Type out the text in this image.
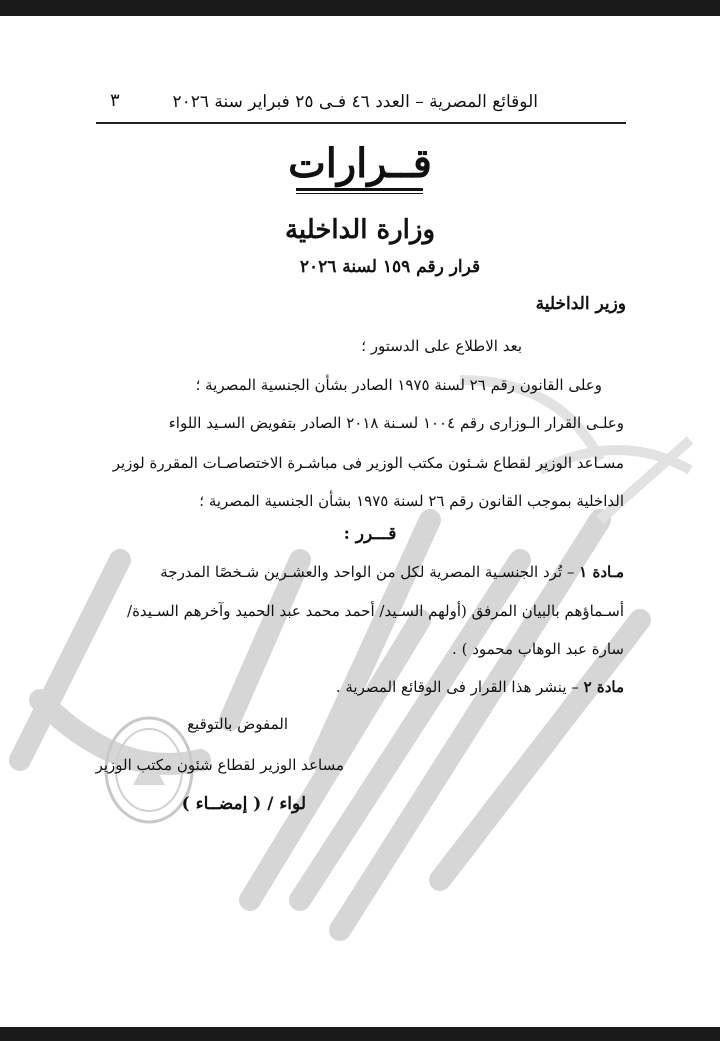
الوقائع المصرية – العدد ٤٦ فـى ٢٥ فبراير سنة ٢٠٢٦
٣
قــرارات
وزارة الداخلية
قرار رقم ١٥٩ لسنة ٢٠٢٦
وزير الداخلية
بعد الاطلاع على الدستور ؛
وعلى القانون رقم ٢٦ لسنة ١٩٧٥ الصادر بشأن الجنسية المصرية ؛
وعلـى القرار الـوزارى رقم ١٠٠٤ لسـنة ٢٠١٨ الصادر بتفويض السـيد اللواء
مسـاعد الوزير لقطاع شـئون مكتب الوزير فى مباشـرة الاختصاصـات المقررة لوزير
الداخلية بموجب القانون رقم ٢٦ لسنة ١٩٧٥ بشأن الجنسية المصرية ؛
قـــرر :
مـادة ١ – تُرد الجنسـية المصرية لكل من الواحد والعشـرين شـخصًا المدرجة
أسـماؤهم بالبيان المرفق (أولهم السـيد/ أحمد محمد عبد الحميد وآخرهم السـيدة/
سارة عبد الوهاب محمود ) .
مادة ٢ – ينشر هذا القرار فى الوقائع المصرية .
المفوض بالتوقيع
مساعد الوزير لقطاع شئون مكتب الوزير
لواء / ( إمضــاء )
